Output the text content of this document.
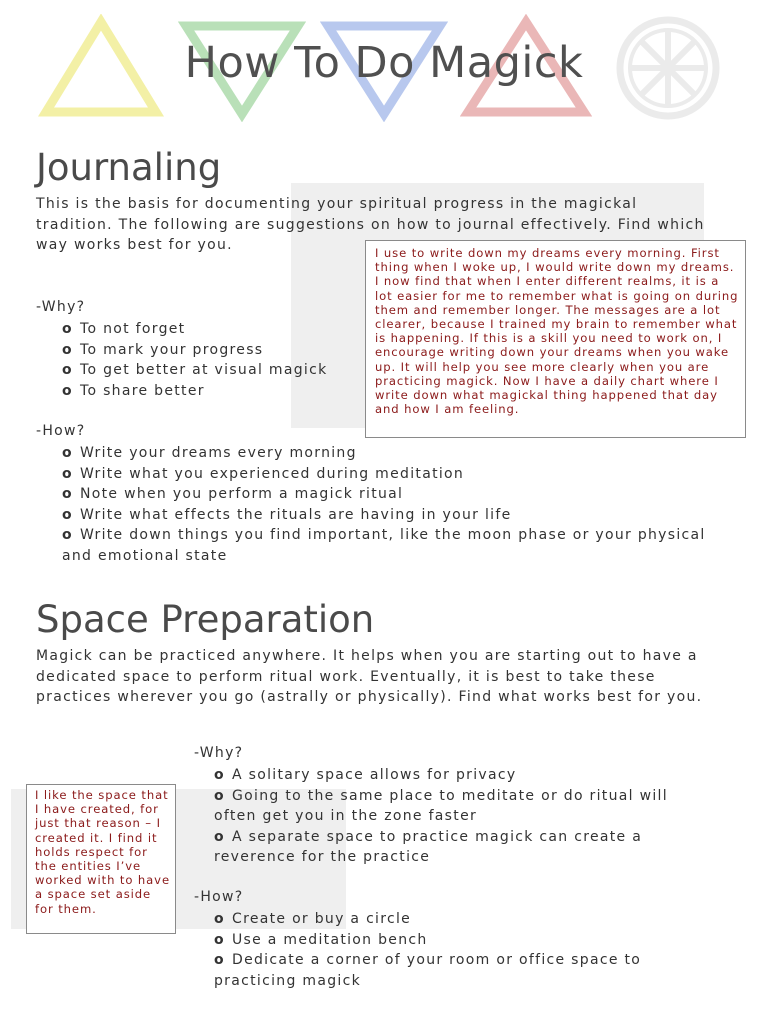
How To Do Magick
Journaling

This is the basis for documenting your spiritual progress in the magickal tradition. The following are suggestions on how to journal effectively. Find which way works best for you.	I use to write down my dreams every morning. First thing when I woke up, I would write down my dreams. I now find that when I enter different realms, it is a lot easier for me to remember what is going on during them and remember longer. The messages are a lot clearer, because I trained my brain to remember what is happening. If this is a skill you need to work on, I encourage writing down your dreams when you wake up. It will help you see more clearly when you are practicing magick. Now I have a daily chart where I write down what magickal thing happened that day and how I am feeling.
-Why?
o To not forget
o To mark your progress
o To get better at visual magick
o To share better
-How?
o Write your dreams every morning
o Write what you experienced during meditation
o Note when you perform a magick ritual
o Write what effects the rituals are having in your life
o Write down things you find important, like the moon phase or your physical and emotional state
Space Preparation

Magick can be practiced anywhere. It helps when you are starting out to have a dedicated space to perform ritual work. Eventually, it is best to take these practices wherever you go (astrally or physically). Find what works best for you.

I like the space that I have created, for just that reason – I created it. I find it holds respect for the entities I’ve worked with to have a space set aside for them.
-Why?
o A solitary space allows for privacy
o Going to the same place to meditate or do ritual will often get you in the zone faster
o A separate space to practice magick can create a reverence for the practice
-How?
o Create or buy a circle
o Use a meditation bench
o Dedicate a corner of your room or office space to practicing magick
